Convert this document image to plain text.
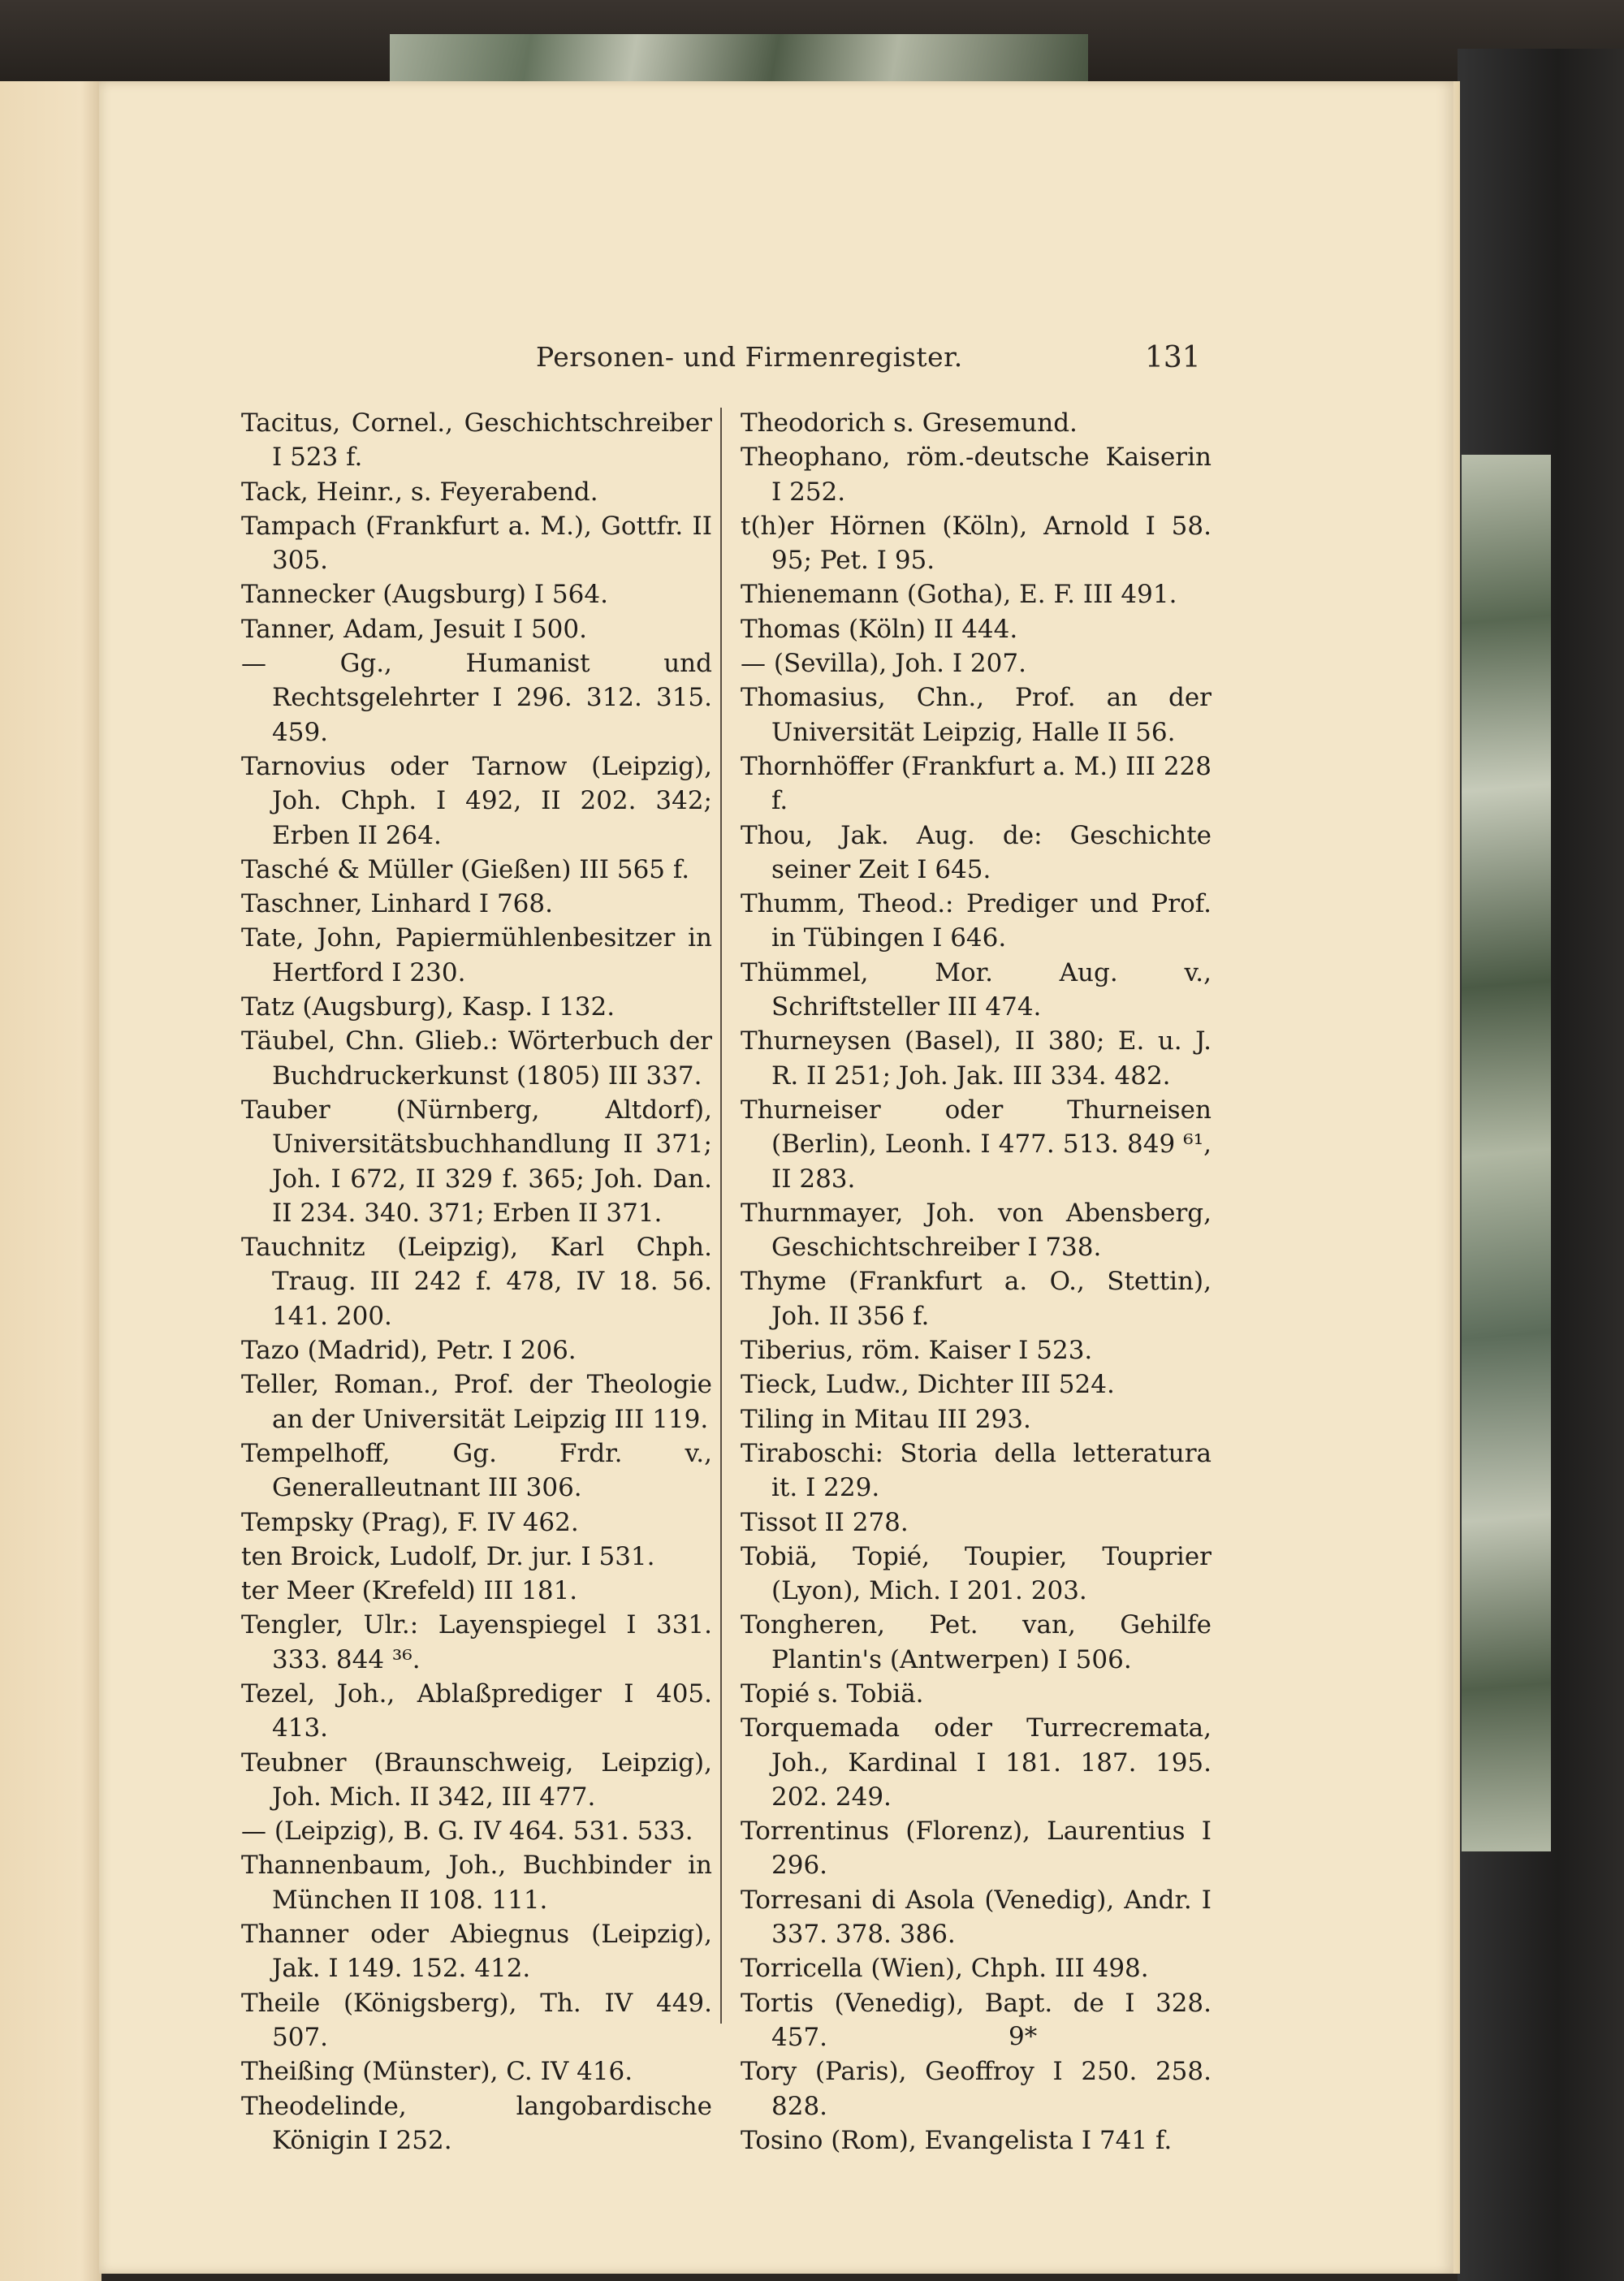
Personen- und Firmenregister.	131

Tacitus, Cornel., Geschichtschreiber I 523 f.

Tack, Heinr., s. Feyerabend.

Tampach (Frankfurt a. M.), Gottfr. II 305.

Tannecker (Augsburg) I 564.

Tanner, Adam, Jesuit I 500.

— Gg., Humanist und Rechtsgelehrter I 296. 312. 315. 459.

Tarnovius oder Tarnow (Leipzig), Joh. Chph. I 492, II 202. 342; Erben II 264.

Tasché & Müller (Gießen) III 565 f.

Taschner, Linhard I 768.

Tate, John, Papiermühlenbesitzer in Hertford I 230.

Tatz (Augsburg), Kasp. I 132.

Täubel, Chn. Glieb.: Wörterbuch der Buchdruckerkunst (1805) III 337.

Tauber (Nürnberg, Altdorf), Universitätsbuchhandlung II 371; Joh. I 672, II 329 f. 365; Joh. Dan. II 234. 340. 371; Erben II 371.

Tauchnitz (Leipzig), Karl Chph. Traug. III 242 f. 478, IV 18. 56. 141. 200.

Tazo (Madrid), Petr. I 206.

Teller, Roman., Prof. der Theologie an der Universität Leipzig III 119.

Tempelhoff, Gg. Frdr. v., Generalleutnant III 306.

Tempsky (Prag), F. IV 462.

ten Broick, Ludolf, Dr. jur. I 531.

ter Meer (Krefeld) III 181.

Tengler, Ulr.: Layenspiegel I 331. 333. 844 ³⁶.

Tezel, Joh., Ablaßprediger I 405. 413.

Teubner (Braunschweig, Leipzig), Joh. Mich. II 342, III 477.

— (Leipzig), B. G. IV 464. 531. 533.

Thannenbaum, Joh., Buchbinder in München II 108. 111.

Thanner oder Abiegnus (Leipzig), Jak. I 149. 152. 412.

Theile (Königsberg), Th. IV 449. 507.

Theißing (Münster), C. IV 416.

Theodelinde, langobardische Königin I 252.

Theodorich s. Gresemund.

Theophano, röm.-deutsche Kaiserin I 252.

t(h)er Hörnen (Köln), Arnold I 58. 95; Pet. I 95.

Thienemann (Gotha), E. F. III 491.

Thomas (Köln) II 444.

— (Sevilla), Joh. I 207.

Thomasius, Chn., Prof. an der Universität Leipzig, Halle II 56.

Thornhöffer (Frankfurt a. M.) III 228 f.

Thou, Jak. Aug. de: Geschichte seiner Zeit I 645.

Thumm, Theod.: Prediger und Prof. in Tübingen I 646.

Thümmel, Mor. Aug. v., Schriftsteller III 474.

Thurneysen (Basel), II 380; E. u. J. R. II 251; Joh. Jak. III 334. 482.

Thurneiser oder Thurneisen (Berlin), Leonh. I 477. 513. 849 ⁶¹, II 283.

Thurnmayer, Joh. von Abensberg, Geschichtschreiber I 738.

Thyme (Frankfurt a. O., Stettin), Joh. II 356 f.

Tiberius, röm. Kaiser I 523.

Tieck, Ludw., Dichter III 524.

Tiling in Mitau III 293.

Tiraboschi: Storia della letteratura it. I 229.

Tissot II 278.

Tobiä, Topié, Toupier, Touprier (Lyon), Mich. I 201. 203.

Tongheren, Pet. van, Gehilfe Plantin's (Antwerpen) I 506.

Topié s. Tobiä.

Torquemada oder Turrecremata, Joh., Kardinal I 181. 187. 195. 202. 249.

Torrentinus (Florenz), Laurentius I 296.

Torresani di Asola (Venedig), Andr. I 337. 378. 386.

Torricella (Wien), Chph. III 498.

Tortis (Venedig), Bapt. de I 328. 457.

Tory (Paris), Geoffroy I 250. 258. 828.

Tosino (Rom), Evangelista I 741 f.

9*
